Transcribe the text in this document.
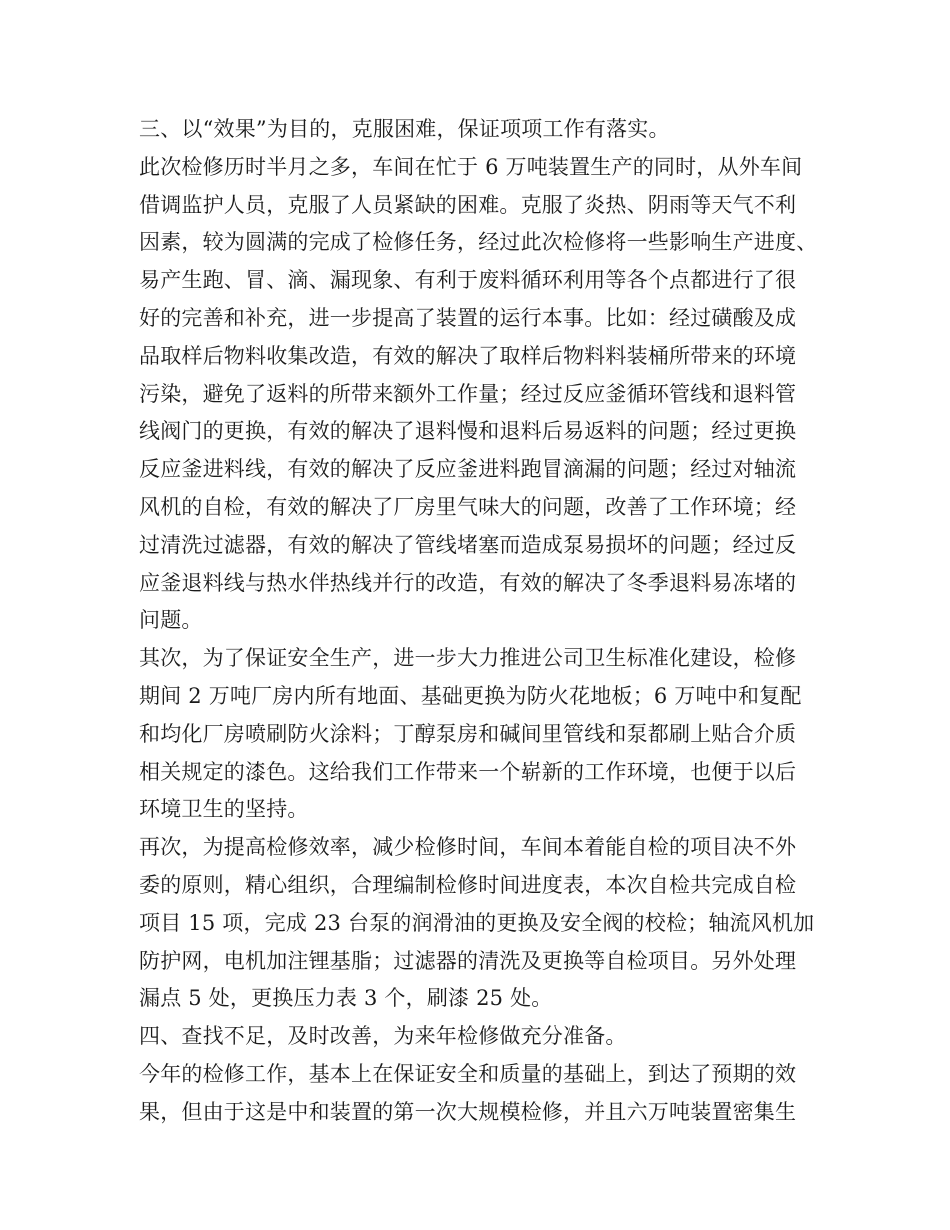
三、以“效果”为目的，克服困难，保证项项工作有落实。
此次检修历时半月之多，车间在忙于 6 万吨装置生产的同时，从外车间
借调监护人员，克服了人员紧缺的困难。克服了炎热、阴雨等天气不利
因素，较为圆满的完成了检修任务，经过此次检修将一些影响生产进度、
易产生跑、冒、滴、漏现象、有利于废料循环利用等各个点都进行了很
好的完善和补充，进一步提高了装置的运行本事。比如：经过磺酸及成
品取样后物料收集改造，有效的解决了取样后物料料装桶所带来的环境
污染，避免了返料的所带来额外工作量；经过反应釜循环管线和退料管
线阀门的更换，有效的解决了退料慢和退料后易返料的问题；经过更换
反应釜进料线，有效的解决了反应釜进料跑冒滴漏的问题；经过对轴流
风机的自检，有效的解决了厂房里气味大的问题，改善了工作环境；经
过清洗过滤器，有效的解决了管线堵塞而造成泵易损坏的问题；经过反
应釜退料线与热水伴热线并行的改造，有效的解决了冬季退料易冻堵的
问题。
其次，为了保证安全生产，进一步大力推进公司卫生标准化建设，检修
期间 2 万吨厂房内所有地面、基础更换为防火花地板；6 万吨中和复配
和均化厂房喷刷防火涂料；丁醇泵房和碱间里管线和泵都刷上贴合介质
相关规定的漆色。这给我们工作带来一个崭新的工作环境，也便于以后
环境卫生的坚持。
再次，为提高检修效率，减少检修时间，车间本着能自检的项目决不外
委的原则，精心组织，合理编制检修时间进度表，本次自检共完成自检
项目 15 项，完成 23 台泵的润滑油的更换及安全阀的校检；轴流风机加
防护网，电机加注锂基脂；过滤器的清洗及更换等自检项目。另外处理
漏点 5 处，更换压力表 3 个，刷漆 25 处。
四、查找不足，及时改善，为来年检修做充分准备。
今年的检修工作，基本上在保证安全和质量的基础上，到达了预期的效
果，但由于这是中和装置的第一次大规模检修，并且六万吨装置密集生
